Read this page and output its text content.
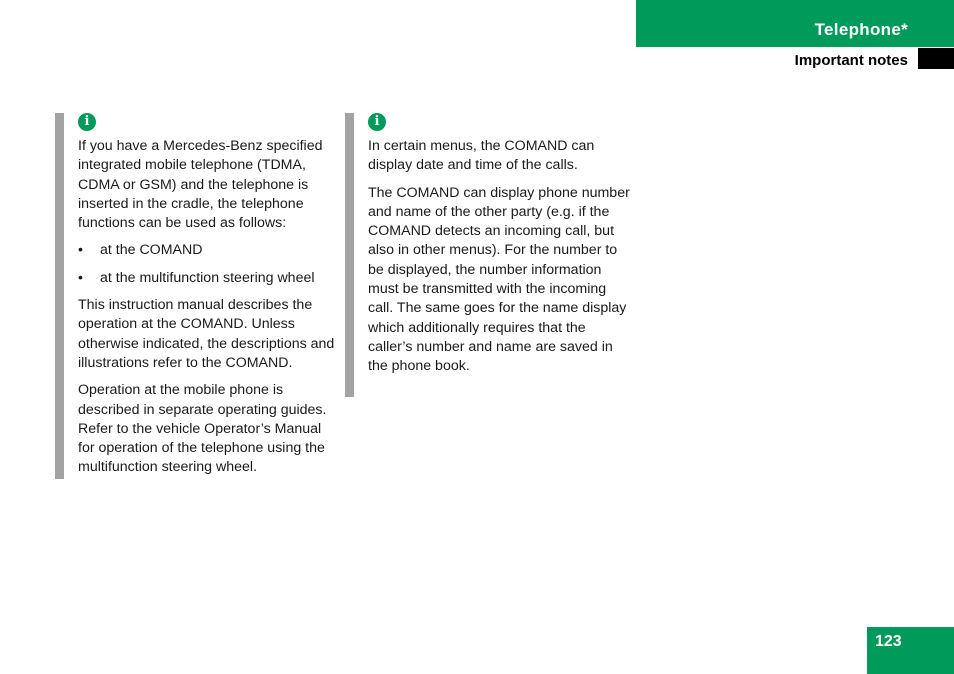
Telephone*
Important notes
i

If you have a Mercedes-Benz specified integrated mobile telephone (TDMA, CDMA or GSM) and the telephone is inserted in the cradle, the telephone functions can be used as follows:

• at the COMAND
• at the multifunction steering wheel

This instruction manual describes the operation at the COMAND. Unless otherwise indicated, the descriptions and illustrations refer to the COMAND.

Operation at the mobile phone is described in separate operating guides. Refer to the vehicle Operator’s Manual for operation of the telephone using the multifunction steering wheel.

i

In certain menus, the COMAND can display date and time of the calls.

The COMAND can display phone number and name of the other party (e.g. if the COMAND detects an incoming call, but also in other menus). For the number to be displayed, the number information must be transmitted with the incoming call. The same goes for the name display which additionally requires that the caller’s number and name are saved in the phone book.

123
